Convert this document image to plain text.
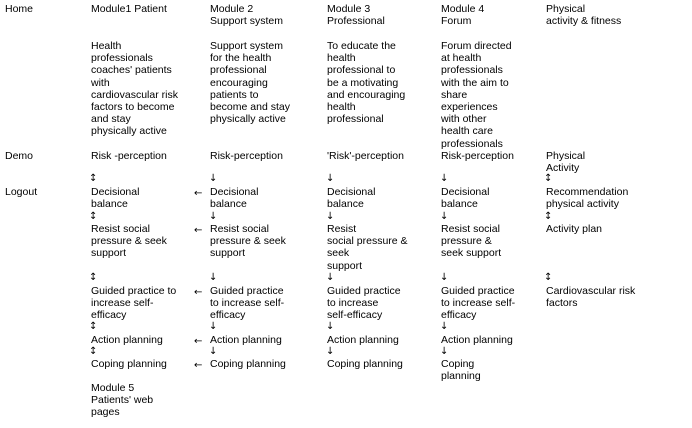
Home
Demo
Logout
Module1 Patient	Module 2
Support system
Module 3
Professional
Module 4
Forum
Physical
activity & fitness
Health
professionals
coaches' patients
with
cardiovascular risk
factors to become
and stay
physically active
Support system
for the health
professional
encouraging
patients to
become and stay
physically active
To educate the
health
professional to
be a motivating
and encouraging
health
professional
Forum directed
at health
professionals
with the aim to
share
experiences
with other
health care
professionals
Risk -perception
↕
Decisional
balance
↕
Resist social
pressure & seek
support
↕
Guided practice to
increase self-
efficacy
↕
Action planning
↕
Coping planning
Module 5
Patients' web
pages
←
←
←
←
←
Risk-perception
↓
Decisional
balance
↓
Resist social
pressure & seek
support
↓
Guided practice
to increase self-
efficacy
↓
Action planning
↓
Coping planning
'Risk'-perception
↓
Decisional
balance
↓
Resist
social pressure &
seek
support
↓
Guided practice
to increase
self-efficacy
↓
Action planning
↓
Coping planning
Risk-perception
↓
Decisional
balance
↓
Resist social
pressure &
seek support
↓
Guided practice
to increase self-
efficacy
↓
Action planning
↓
Coping
planning
Physical
Activity
↕
Recommendation
physical activity
↕
Activity plan
↕
Cardiovascular risk
factors
